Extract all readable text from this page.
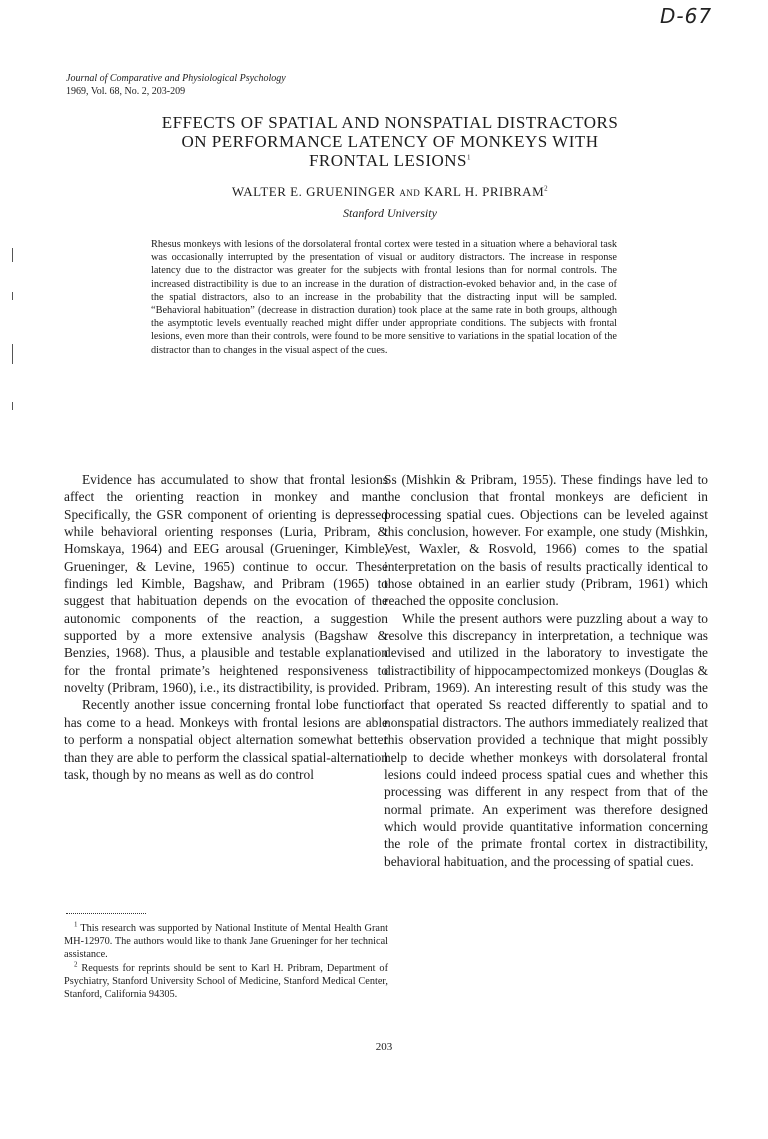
D-67
Journal of Comparative and Physiological Psychology
1969, Vol. 68, No. 2, 203-209
EFFECTS OF SPATIAL AND NONSPATIAL DISTRACTORS
ON PERFORMANCE LATENCY OF MONKEYS WITH
FRONTAL LESIONS$^1$
WALTER E. GRUENINGER AND KARL H. PRIBRAM$^2$
Stanford University
Rhesus monkeys with lesions of the dorsolateral frontal cortex were tested in a situation where a behavioral task was occasionally interrupted by the presentation of visual or auditory distractors. The increase in response latency due to the distractor was greater for the subjects with frontal lesions than for normal controls. The increased distractibility is due to an increase in the duration of distraction-evoked behavior and, in the case of the spatial distractors, also to an increase in the probability that the distracting input will be sampled. “Behavioral habituation” (decrease in distraction duration) took place at the same rate in both groups, although the asymptotic levels eventually reached might differ under appropriate conditions. The subjects with frontal lesions, even more than their controls, were found to be more sensitive to variations in the spatial location of the distractor than to changes in the visual aspect of the cues.

Evidence has accumulated to show that frontal lesions affect the orienting reaction in monkey and man. Specifically, the GSR component of orienting is depressed while behavioral orienting responses (Luria, Pribram, & Homskaya, 1964) and EEG arousal (Grueninger, Kimble, Grueninger, & Levine, 1965) continue to occur. These findings led Kimble, Bagshaw, and Pribram (1965) to suggest that habituation depends on the evocation of the autonomic components of the reaction, a suggestion supported by a more extensive analysis (Bagshaw & Benzies, 1968). Thus, a plausible and testable explanation for the frontal primate’s heightened responsiveness to novelty (Pribram, 1960), i.e., its distractibility, is provided.

Recently another issue concerning frontal lobe function has come to a head. Monkeys with frontal lesions are able to perform a nonspatial object alternation somewhat better than they are able to perform the classical spatial-alternation task, though by no means as well as do control

Ss (Mishkin & Pribram, 1955). These findings have led to the conclusion that frontal monkeys are deficient in processing spatial cues. Objections can be leveled against this conclusion, however. For example, one study (Mishkin, Vest, Waxler, & Rosvold, 1966) comes to the spatial interpretation on the basis of results practically identical to those obtained in an earlier study (Pribram, 1961) which reached the opposite conclusion.

While the present authors were puzzling about a way to resolve this discrepancy in interpretation, a technique was devised and utilized in the laboratory to investigate the distractibility of hippocampectomized monkeys (Douglas & Pribram, 1969). An interesting result of this study was the fact that operated Ss reacted differently to spatial and to nonspatial distractors. The authors immediately realized that this observation provided a technique that might possibly help to decide whether monkeys with dorsolateral frontal lesions could indeed process spatial cues and whether this processing was different in any respect from that of the normal primate. An experiment was therefore designed which would provide quantitative information concerning the role of the primate frontal cortex in distractibility, behavioral habituation, and the processing of spatial cues.

$^1$ This research was supported by National Institute of Mental Health Grant MH-12970. The authors would like to thank Jane Grueninger for her technical assistance.

$^2$ Requests for reprints should be sent to Karl H. Pribram, Department of Psychiatry, Stanford University School of Medicine, Stanford Medical Center, Stanford, California 94305.

203
